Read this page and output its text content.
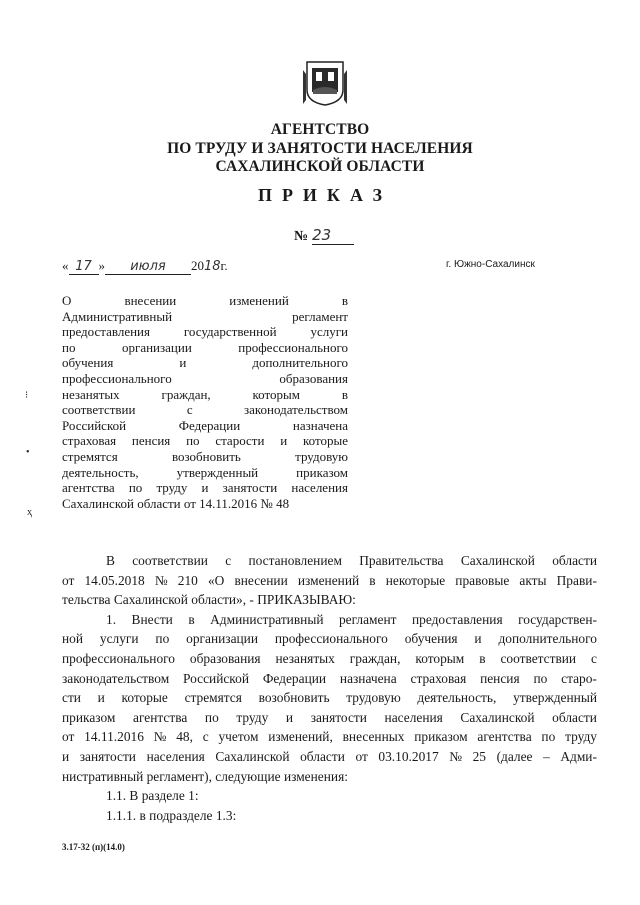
АГЕНТСТВО
ПО ТРУДУ И ЗАНЯТОСТИ НАСЕЛЕНИЯ
САХАЛИНСКОЙ ОБЛАСТИ
ПРИКАЗ
№ 23
« 17 » июля 2018г.	г. Южно-Сахалинск
О	внесении	изменений	в
Административный	регламент
предоставления	государственной	услуги
по	организации	профессионального
обучения	и	дополнительного
профессионального	образования
незанятых	граждан,	которым	в
соответствии	с	законодательством
Российской	Федерации	назначена
страховая пенсия по старости и которые
стремятся	возобновить	трудовую
деятельность,	утвержденный	приказом
агентства по труду и занятости населения
Сахалинской области от 14.11.2016 № 48
⁝
•
ҳ
В соответствии с постановлением Правительства Сахалинской области
от 14.05.2018 № 210 «О внесении изменений в некоторые правовые акты Прави-
тельства Сахалинской области», - ПРИКАЗЫВАЮ:
1. Внести в Административный регламент предоставления государствен-
ной услуги по организации профессионального обучения и дополнительного
профессионального образования незанятых граждан, которым в соответствии с
законодательством Российской Федерации назначена страховая пенсия по старо-
сти и которые стремятся возобновить трудовую деятельность, утвержденный
приказом агентства по труду и занятости населения Сахалинской области
от 14.11.2016 № 48, с учетом изменений, внесенных приказом агентства по труду
и занятости населения Сахалинской области от 03.10.2017 № 25 (далее – Адми-
нистративный регламент), следующие изменения:
1.1. В разделе 1:
1.1.1. в подразделе 1.3:
3.17-32 (п)(14.0)
